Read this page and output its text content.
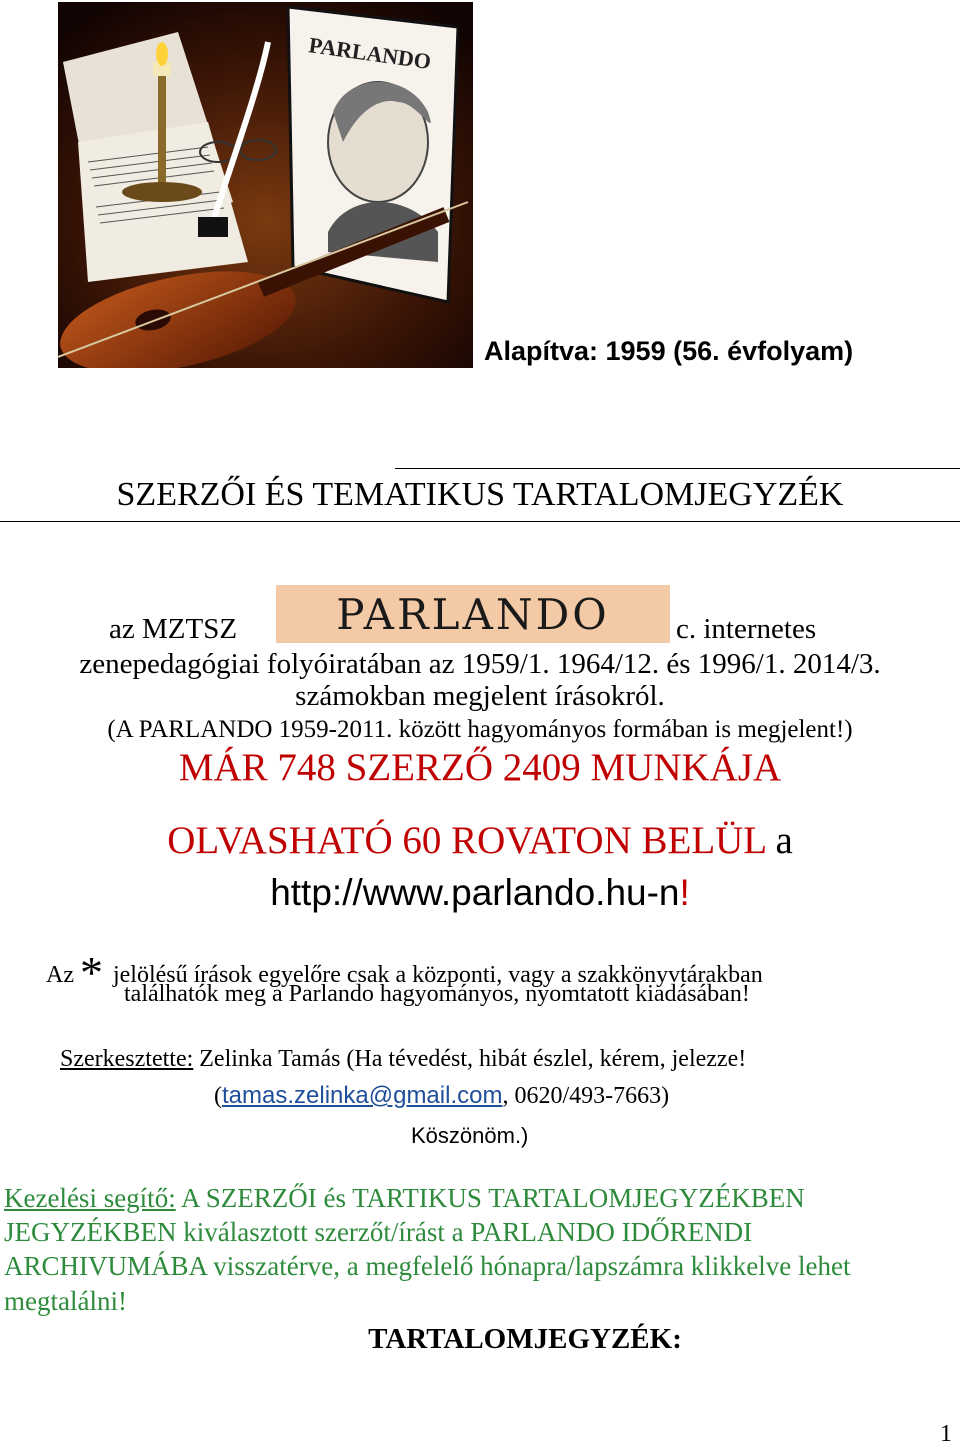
PARLANDO
Alapítva: 1959 (56. évfolyam)
SZERZŐI ÉS TEMATIKUS TARTALOMJEGYZÉK
az MZTSZ	c. internetes
PARLANDO
zenepedagógiai folyóiratában az 1959/1. 1964/12. és 1996/1. 2014/3.
számokban megjelent írásokról.
(A PARLANDO 1959-2011. között hagyományos formában is megjelent!)
MÁR 748 SZERZŐ 2409 MUNKÁJA
OLVASHATÓ 60 ROVATON BELÜL a
http://www.parlando.hu-n!
Az * jelölésű írások egyelőre csak a központi, vagy a szakkönyvtárakban
találhatók meg a Parlando hagyományos, nyomtatott kiadásában!
Szerkesztette: Zelinka Tamás (Ha tévedést, hibát észlel, kérem, jelezze!
(tamas.zelinka@gmail.com, 0620/493-7663)
Köszönöm.)
Kezelési segítő: A SZERZŐI és TARTIKUS TARTALOMJEGYZÉKBEN
JEGYZÉKBEN kiválasztott szerzőt/írást a PARLANDO IDŐRENDI
ARCHIVUMÁBA visszatérve, a megfelelő hónapra/lapszámra klikkelve lehet
megtalálni!
TARTALOMJEGYZÉK:
1
